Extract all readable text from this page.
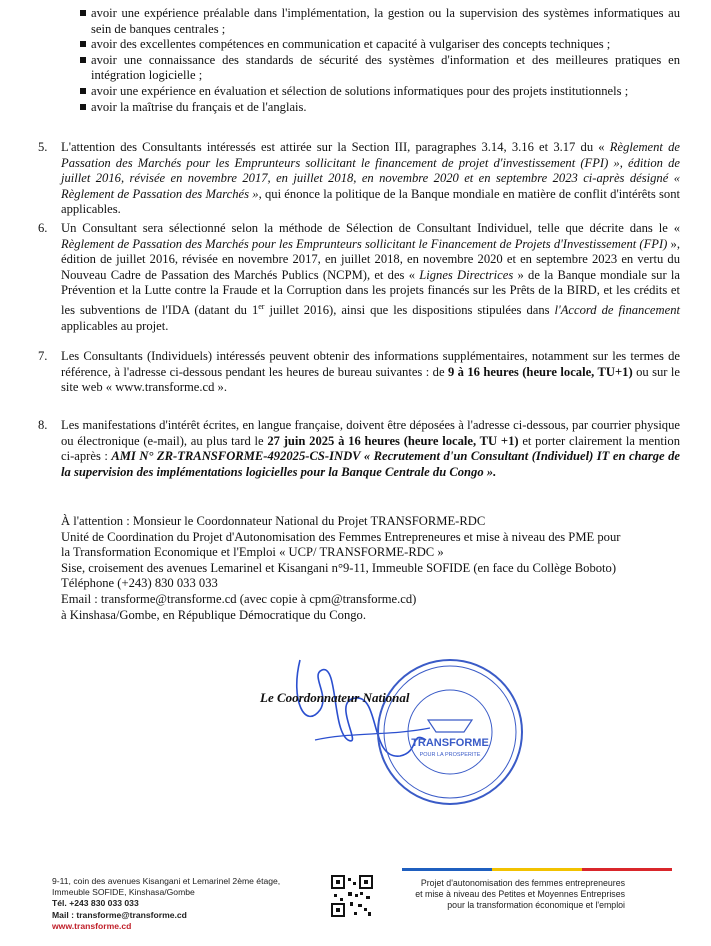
avoir une expérience préalable dans l'implémentation, la gestion ou la supervision des systèmes informatiques au sein de banques centrales ;
avoir des excellentes compétences en communication et capacité à vulgariser des concepts techniques ;
avoir une connaissance des standards de sécurité des systèmes d'information et des meilleures pratiques en intégration logicielle ;
avoir une expérience en évaluation et sélection de solutions informatiques pour des projets institutionnels ;
avoir la maîtrise du français et de l'anglais.
5.	L'attention des Consultants intéressés est attirée sur la Section III, paragraphes 3.14, 3.16 et 3.17 du « Règlement de Passation des Marchés pour les Emprunteurs sollicitant le financement de projet d'investissement (FPI) », édition de juillet 2016, révisée en novembre 2017, en juillet 2018, en novembre 2020 et en septembre 2023 ci-après désigné « Règlement de Passation des Marchés », qui énonce la politique de la Banque mondiale en matière de conflit d'intérêts sont applicables.
6.	Un Consultant sera sélectionné selon la méthode de Sélection de Consultant Individuel, telle que décrite dans le « Règlement de Passation des Marchés pour les Emprunteurs sollicitant le Financement de Projets d'Investissement (FPI) », édition de juillet 2016, révisée en novembre 2017, en juillet 2018, en novembre 2020 et en septembre 2023 en vertu du Nouveau Cadre de Passation des Marchés Publics (NCPM), et des « Lignes Directrices » de la Banque mondiale sur la Prévention et la Lutte contre la Fraude et la Corruption dans les projets financés sur les Prêts de la BIRD, et les crédits et les subventions de l'IDA (datant du 1er juillet 2016), ainsi que les dispositions stipulées dans l'Accord de financement applicables au projet.
7.	Les Consultants (Individuels) intéressés peuvent obtenir des informations supplémentaires, notamment sur les termes de référence, à l'adresse ci-dessous pendant les heures de bureau suivantes : de 9 à 16 heures (heure locale, TU+1) ou sur le site web « www.transforme.cd ».
8.	Les manifestations d'intérêt écrites, en langue française, doivent être déposées à l'adresse ci-dessous, par courrier physique ou électronique (e-mail), au plus tard le 27 juin 2025 à 16 heures (heure locale, TU +1) et porter clairement la mention ci-après : AMI N° ZR-TRANSFORME-492025-CS-INDV « Recrutement d'un Consultant (Individuel) IT en charge de la supervision des implémentations logicielles pour la Banque Centrale du Congo ».
À l'attention : Monsieur le Coordonnateur National du Projet TRANSFORME-RDC
Unité de Coordination du Projet d'Autonomisation des Femmes Entrepreneures et mise à niveau des PME pour
la Transformation Economique et l'Emploi « UCP/ TRANSFORME-RDC »
Sise, croisement des avenues Lemarinel et Kisangani n°9-11, Immeuble SOFIDE (en face du Collège Boboto)
Téléphone (+243) 830 033 033
Email : transforme@transforme.cd (avec copie à cpm@transforme.cd)
à Kinshasa/Gombe, en République Démocratique du Congo.
TRANSFORME
POUR LA PROSPERITE
Le Coordonnateur National
9-11, coin des avenues Kisangani et Lemarinel 2ème étage,
Immeuble SOFIDE, Kinshasa/Gombe
Tél. +243 830 033 033
Mail : transforme@transforme.cd
www.transforme.cd
Projet d'autonomisation des femmes entrepreneures
et mise à niveau des Petites et Moyennes Entreprises
pour la transformation économique et l'emploi
